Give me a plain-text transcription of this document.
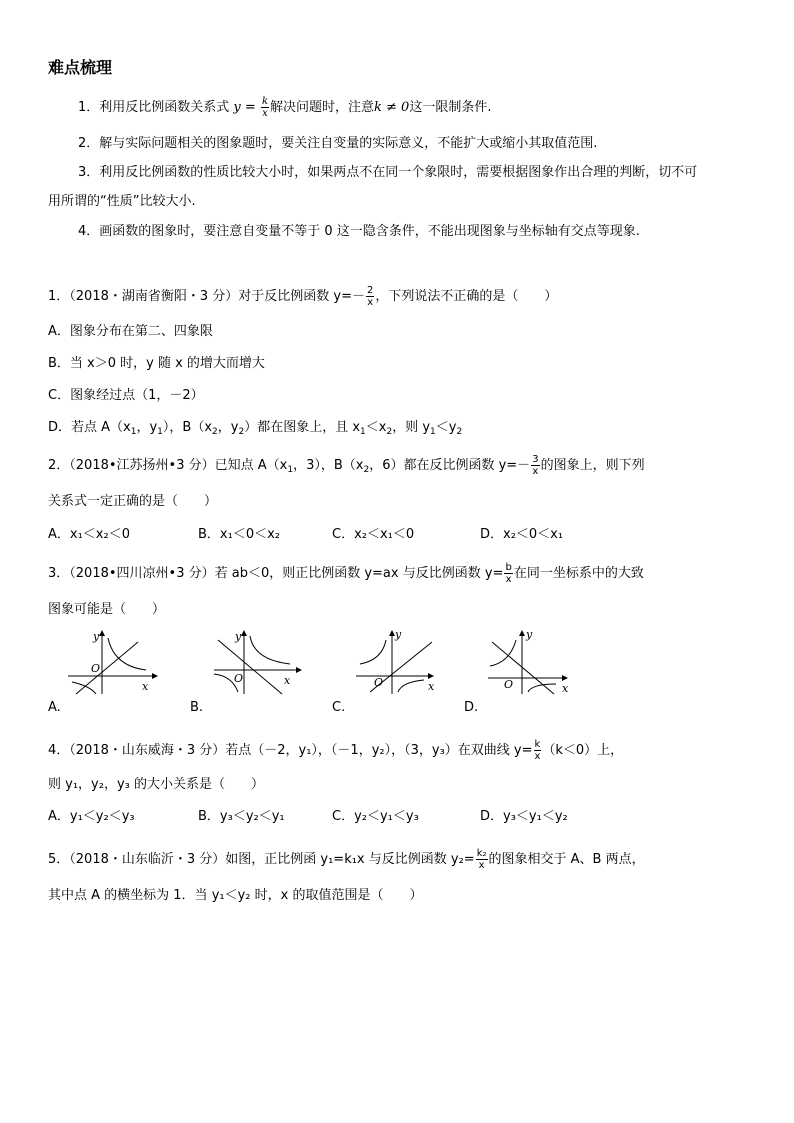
难点梳理
1．利用反比例函数关系式 $y = \frac{k}{x}$ 解决问题时，注意k ≠ 0这一限制条件.
2．解与实际问题相关的图象题时，要关注自变量的实际意义，不能扩大或缩小其取值范围.
3．利用反比例函数的性质比较大小时，如果两点不在同一个象限时，需要根据图象作出合理的判断，切不可
用所谓的“性质”比较大小.
4．画函数的图象时，要注意自变量不等于 0 这一隐含条件，不能出现图象与坐标轴有交点等现象.
1．（2018・湖南省衡阳・3 分）对于反比例函数 $y=- \frac{2}{x}$ ，下列说法不正确的是（　　）
A．图象分布在第二、四象限
B．当 x＞0 时，y 随 x 的增大而增大
C．图象经过点（1，－2）
D．若点 $A(x_1$，$y_1$），$B(x_2$，$y_2$）都在图象上，且 $x_1<x_2$，则 $y_1<y_2$
2．（2018•江苏扬州•3 分）已知点 $A(x_1$，3），$B(x_2$，6）都在反比例函数 $y=- \frac{3}{x}$ 的图象上，则下列
关系式一定正确的是（　　）
A．x₁＜x₂＜0	B．x₁＜0＜x₂	C．x₂＜x₁＜0	D．x₂＜0＜x₁
3．（2018•四川凉州•3 分）若 ab＜0，则正比例函数 y=ax 与反比例函数 $y= \frac{b}{x}$ 在同一坐标系中的大致
图象可能是（　　）
y
O
x
A.
y
O	x
B.
y
O	x
C.
y
O	x
D.
4．（2018・山东威海・3 分）若点（－2，y₁），（－1，y₂），（3，y₃）在双曲线 $y= \frac{k}{x} (k<0)$上，
则 y₁，y₂，y₃ 的大小关系是（　　）
A．y₁＜y₂＜y₃	B．y₃＜y₂＜y₁	C．y₂＜y₁＜y₃	D．y₃＜y₁＜y₂
5．（2018・山东临沂・3 分）如图，正比例函 y₁=k₁x 与反比例函数 $y_2= \frac{\text{k₂}}{x}$ 的图象相交于 A、B 两点，
其中点 A 的横坐标为 1．当 y₁＜y₂ 时，x 的取值范围是（　　）
